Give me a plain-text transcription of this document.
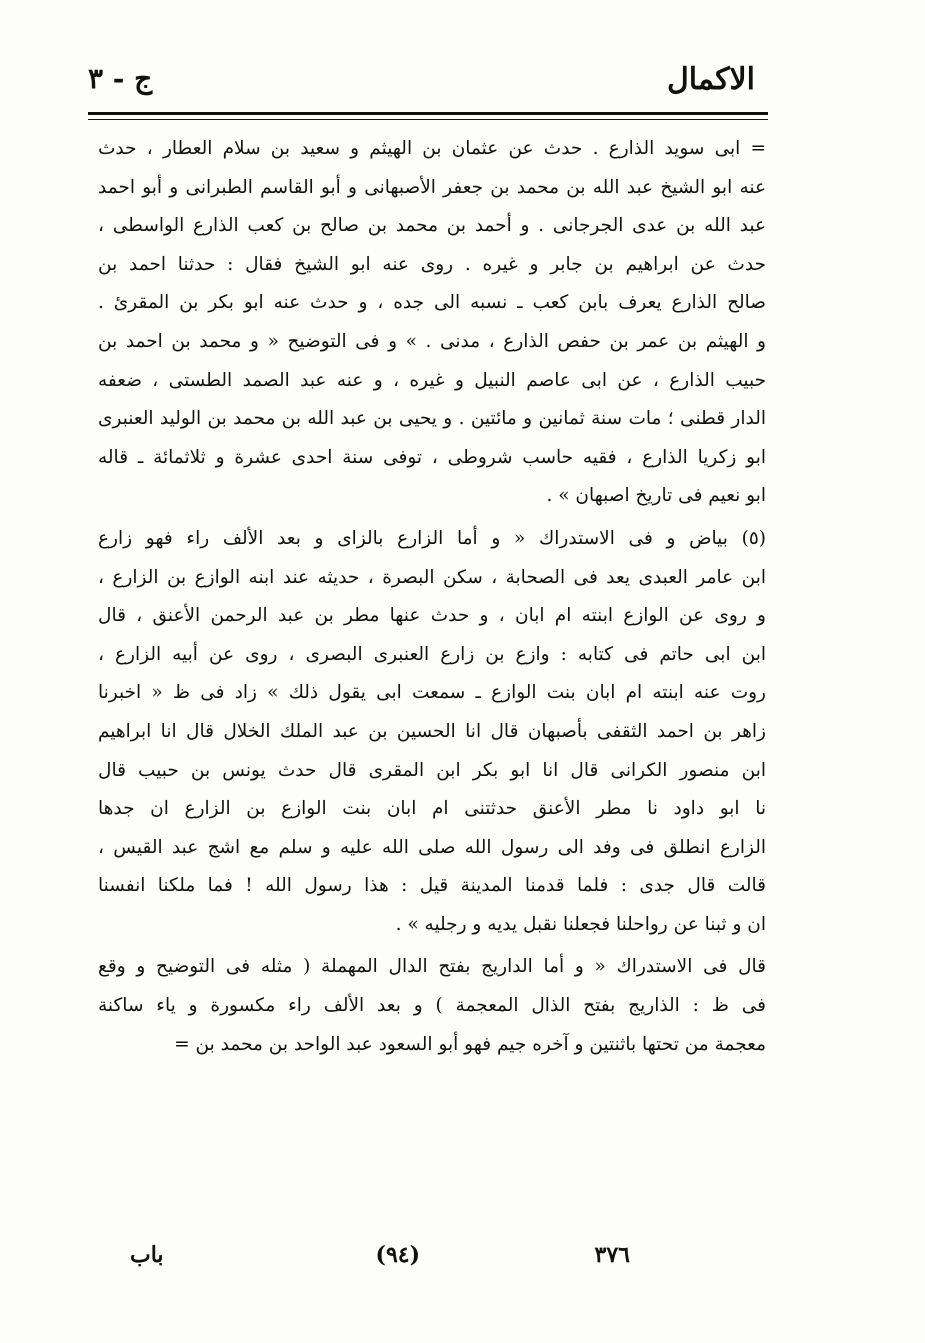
الاكمال
ج - ٣
= ابى سويد الذارع . حدث عن عثمان بن الهيثم و سعيد بن سلام العطار ، حدث
عنه ابو الشيخ عبد الله بن محمد بن جعفر الأصبهانى و أبو القاسم الطبرانى و أبو احمد
عبد الله بن عدى الجرجانى . و أحمد بن محمد بن صالح بن كعب الذارع الواسطى ،
حدث عن ابراهيم بن جابر و غيره . روى عنه ابو الشيخ فقال : حدثنا احمد بن
صالح الذارع يعرف بابن كعب ـ نسبه الى جده ، و حدث عنه ابو بكر بن المقرئ .
و الهيثم بن عمر بن حفص الذارع ، مدنى . » و فى التوضيح « و محمد بن احمد بن
حبيب الذارع ، عن ابى عاصم النبيل و غيره ، و عنه عبد الصمد الطستى ، ضعفه
الدار قطنى ؛ مات سنة ثمانين و مائتين . و يحيى بن عبد الله بن محمد بن الوليد العنبرى
ابو زكريا الذارع ، فقيه حاسب شروطى ، توفى سنة احدى عشرة و ثلاثمائة ـ قاله
ابو نعيم فى تاريخ اصبهان » .
(٥) بياض و فى الاستدراك « و أما الزارع بالزاى و بعد الألف راء فهو زارع
ابن عامر العبدى يعد فى الصحابة ، سكن البصرة ، حديثه عند ابنه الوازع بن الزارع ،
و روى عن الوازع ابنته ام ابان ، و حدث عنها مطر بن عبد الرحمن الأعنق ، قال
ابن ابى حاتم فى كتابه : وازع بن زارع العنبرى البصرى ، روى عن أبيه الزارع ،
روت عنه ابنته ام ابان بنت الوازع ـ سمعت ابى يقول ذلك » زاد فى ظ « اخبرنا
زاهر بن احمد الثقفى بأصبهان قال انا الحسين بن عبد الملك الخلال قال انا ابراهيم
ابن منصور الكرانى قال انا ابو بكر ابن المقرى قال حدث يونس بن حبيب قال
نا ابو داود نا مطر الأعنق حدثتنى ام ابان بنت الوازع بن الزارع ان جدها
الزارع انطلق فى وفد الى رسول الله صلى الله عليه و سلم مع اشج عبد القيس ،
قالت قال جدى : فلما قدمنا المدينة قيل : هذا رسول الله ! فما ملكنا انفسنا
ان و ثبنا عن رواحلنا فجعلنا نقبل يديه و رجليه » .
قال فى الاستدراك « و أما الداريج بفتح الدال المهملة ( مثله فى التوضيح و وقع
فى ظ : الذاريج بفتح الذال المعجمة ) و بعد الألف راء مكسورة و ياء ساكنة
معجمة من تحتها باثنتين و آخره جيم فهو أبو السعود عبد الواحد بن محمد بن =
٣٧٦
(٩٤)
باب
